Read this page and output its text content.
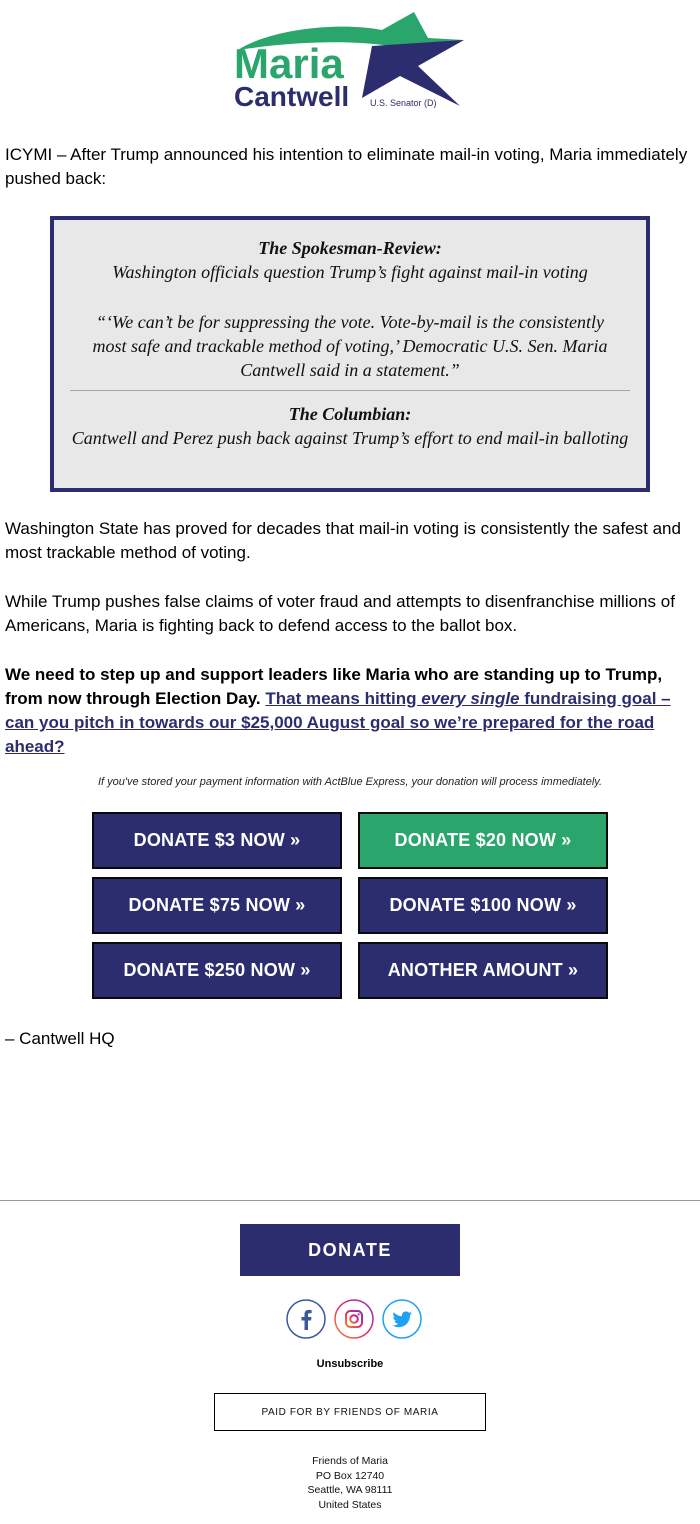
Maria
Cantwell U.S. Senator (D)

ICYMI – After Trump announced his intention to eliminate mail-in voting, Maria immediately pushed back:

The Spokesman-Review:
Washington officials question Trump’s fight against mail-in voting
“‘We can’t be for suppressing the vote. Vote-by-mail is the consistently most safe and trackable method of voting,’ Democratic U.S. Sen. Maria Cantwell said in a statement.”
The Columbian:
Cantwell and Perez push back against Trump’s effort to end mail-in balloting

Washington State has proved for decades that mail-in voting is consistently the safest and most trackable method of voting.

While Trump pushes false claims of voter fraud and attempts to disenfranchise millions of Americans, Maria is fighting back to defend access to the ballot box.

We need to step up and support leaders like Maria who are standing up to Trump, from now through Election Day. That means hitting every single fundraising goal – can you pitch in towards our $25,000 August goal so we’re prepared for the road ahead?

If you've stored your payment information with ActBlue Express, your donation will process immediately.
DONATE $3 NOW »	DONATE $20 NOW »
DONATE $75 NOW »	DONATE $100 NOW »
DONATE $250 NOW »	ANOTHER AMOUNT »

– Cantwell HQ

DONATE
Unsubscribe
PAID FOR BY FRIENDS OF MARIA
Friends of Maria
PO Box 12740
Seattle, WA 98111
United States
